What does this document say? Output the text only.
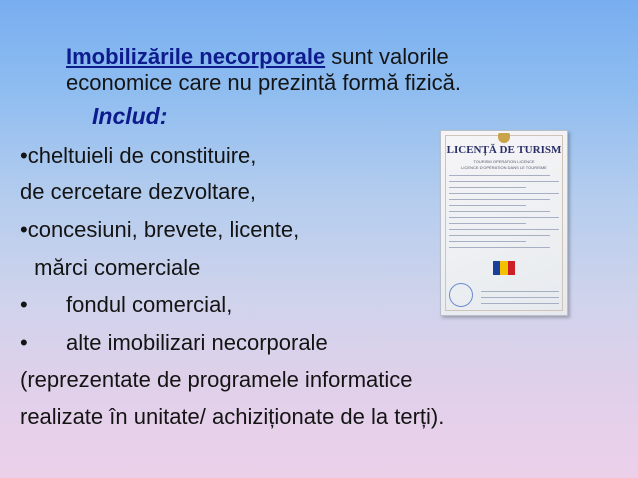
Imobilizările necorporale sunt valorile
economice care nu prezintă formă fizică.
Includ:
•cheltuieli de constituire,
de cercetare dezvoltare,
•concesiuni, brevete, licente,
mărci comerciale
• fondul comercial,
• alte imobilizari necorporale
(reprezentate de programele informatice
realizate în unitate/ achiziționate de la terți).
LICENȚĂ DE TURISM
TOURISM OPERATION LICENCE
LICENCE D'OPÉRATION DANS LE TOURISME
